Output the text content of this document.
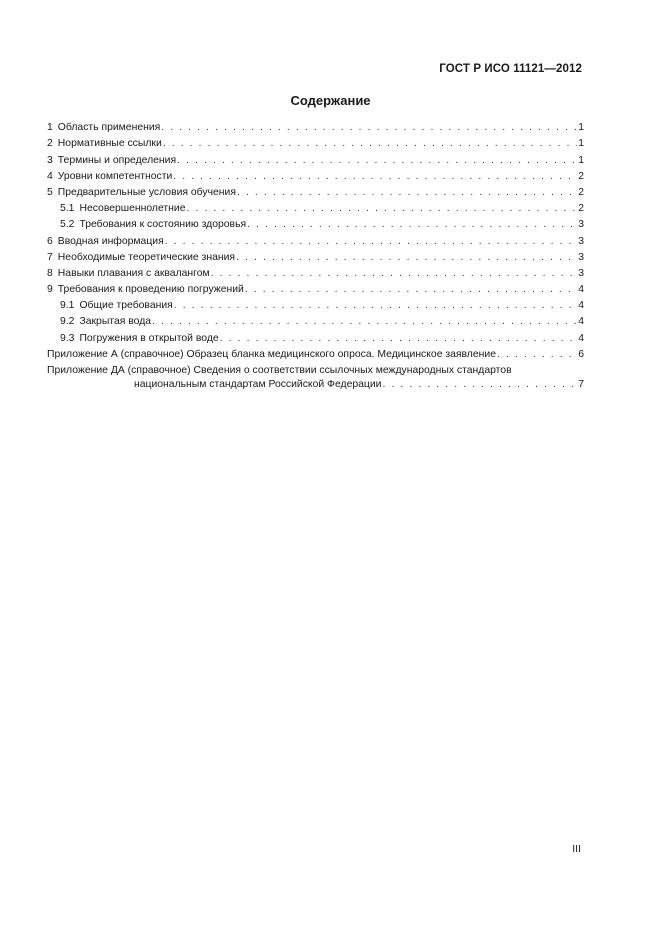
ГОСТ Р ИСО 11121—2012
Содержание
1 Область применения . . .	1
2 Нормативные ссылки . . .	1
3 Термины и определения . . .	1
4 Уровни компетентности . . .	2
5 Предварительные условия обучения . . .	2
5.1 Несовершеннолетние . . .	2
5.2 Требования к состоянию здоровья . . .	3
6 Вводная информация . . .	3
7 Необходимые теоретические знания . . .	3
8 Навыки плавания с аквалангом . . .	3
9 Требования к проведению погружений . . .	4
9.1 Общие требования . . .	4
9.2 Закрытая вода . . .	4
9.3 Погружения в открытой воде . . .	4
Приложение А (справочное) Образец бланка медицинского опроса. Медицинское заявление . . .	6
Приложение ДА (справочное) Сведения о соответствии ссылочных международных стандартов
национальным стандартам Российской Федерации . . .	7
III
